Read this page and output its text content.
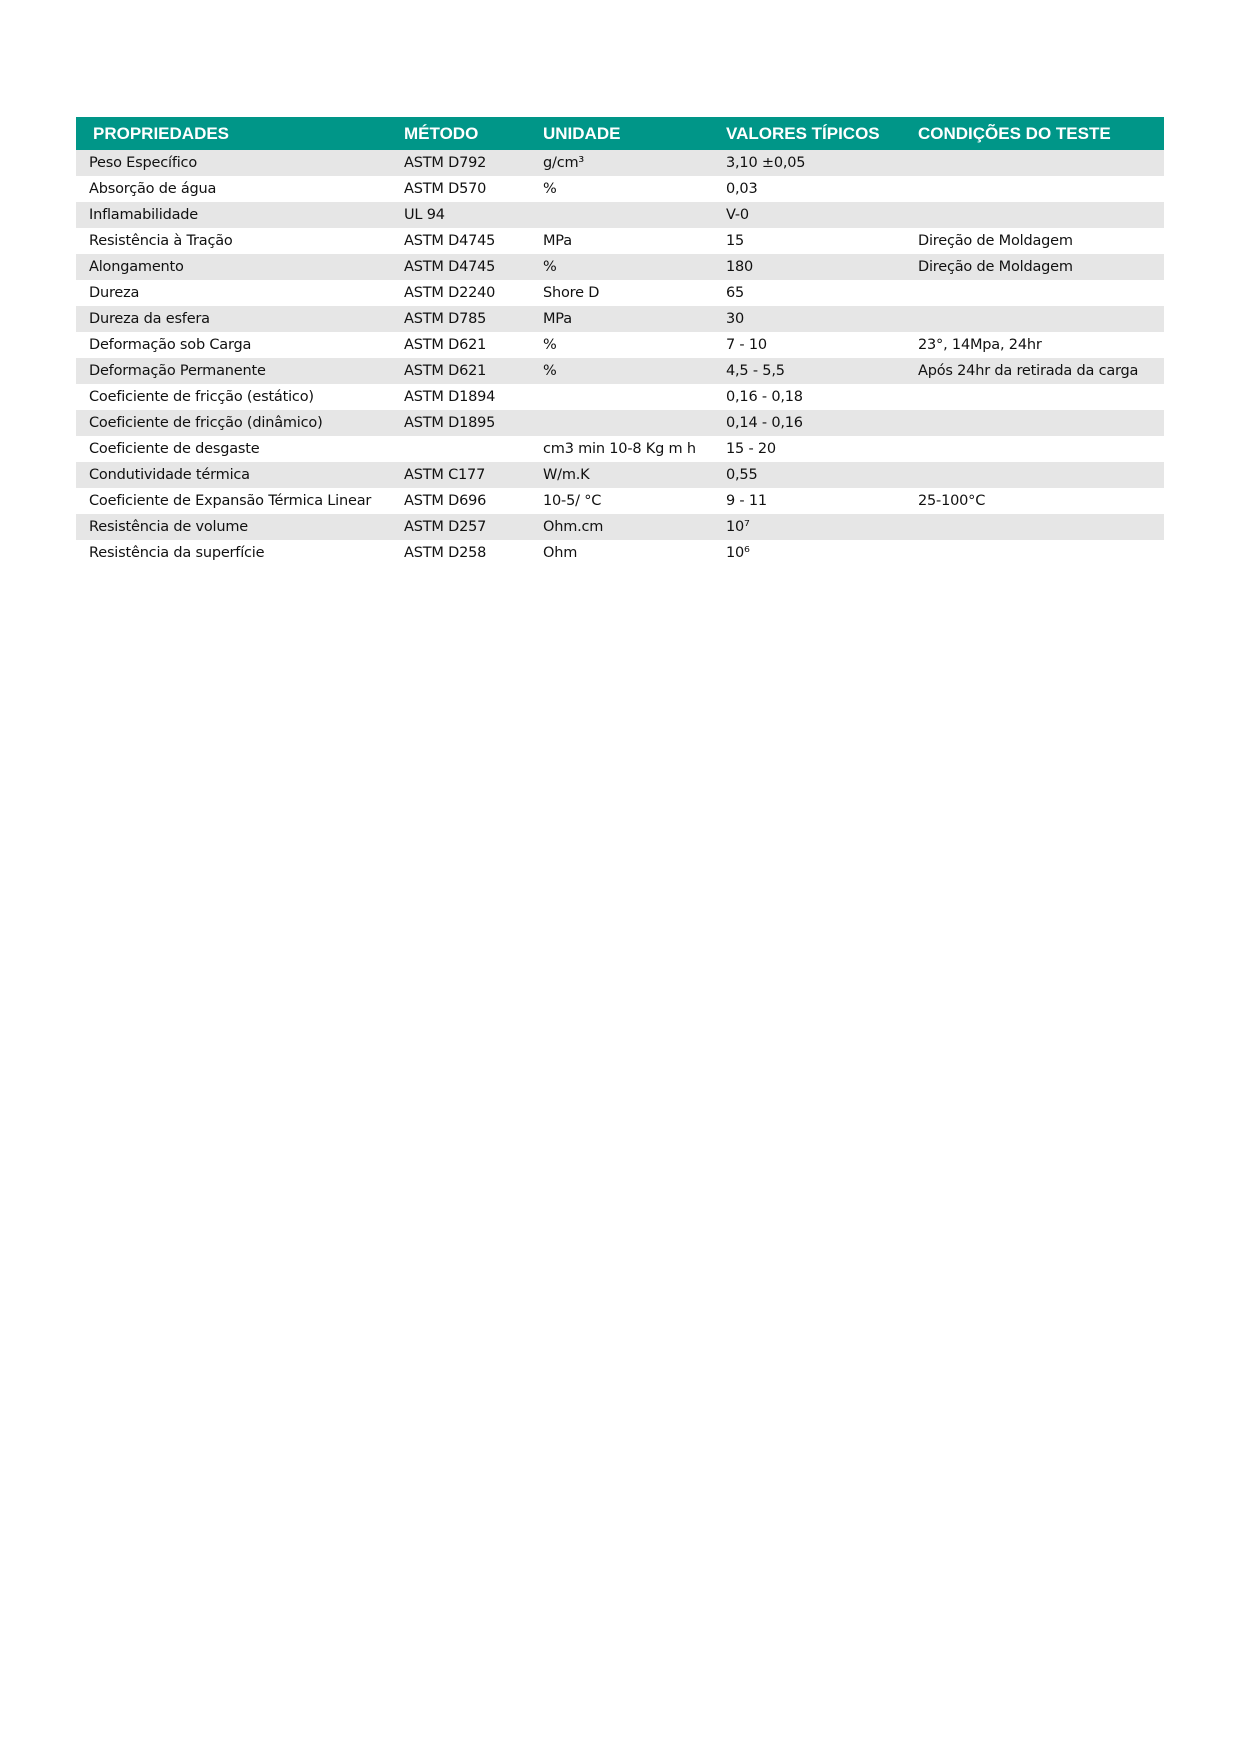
PROPRIEDADES	MÉTODO	UNIDADE	VALORES TÍPICOS	CONDIÇÕES DO TESTE
Peso Específico	ASTM D792	g/cm³	3,10 ±0,05	
Absorção de água	ASTM D570	%	0,03	
Inflamabilidade	UL 94		V-0	
Resistência à Tração	ASTM D4745	MPa	15	Direção de Moldagem
Alongamento	ASTM D4745	%	180	Direção de Moldagem
Dureza	ASTM D2240	Shore D	65	
Dureza da esfera	ASTM D785	MPa	30	
Deformação sob Carga	ASTM D621	%	7 - 10	23°, 14Mpa, 24hr
Deformação Permanente	ASTM D621	%	4,5 - 5,5	Após 24hr da retirada da carga
Coeficiente de fricção (estático)	ASTM D1894		0,16 - 0,18	
Coeficiente de fricção (dinâmico)	ASTM D1895		0,14 - 0,16	
Coeficiente de desgaste		cm3 min 10-8 Kg m h	15 - 20	
Condutividade térmica	ASTM C177	W/m.K	0,55	
Coeficiente de Expansão Térmica Linear	ASTM D696	10-5/ °C	9 - 11	25-100°C
Resistência de volume	ASTM D257	Ohm.cm	10⁷	
Resistência da superfície	ASTM D258	Ohm	10⁶	
